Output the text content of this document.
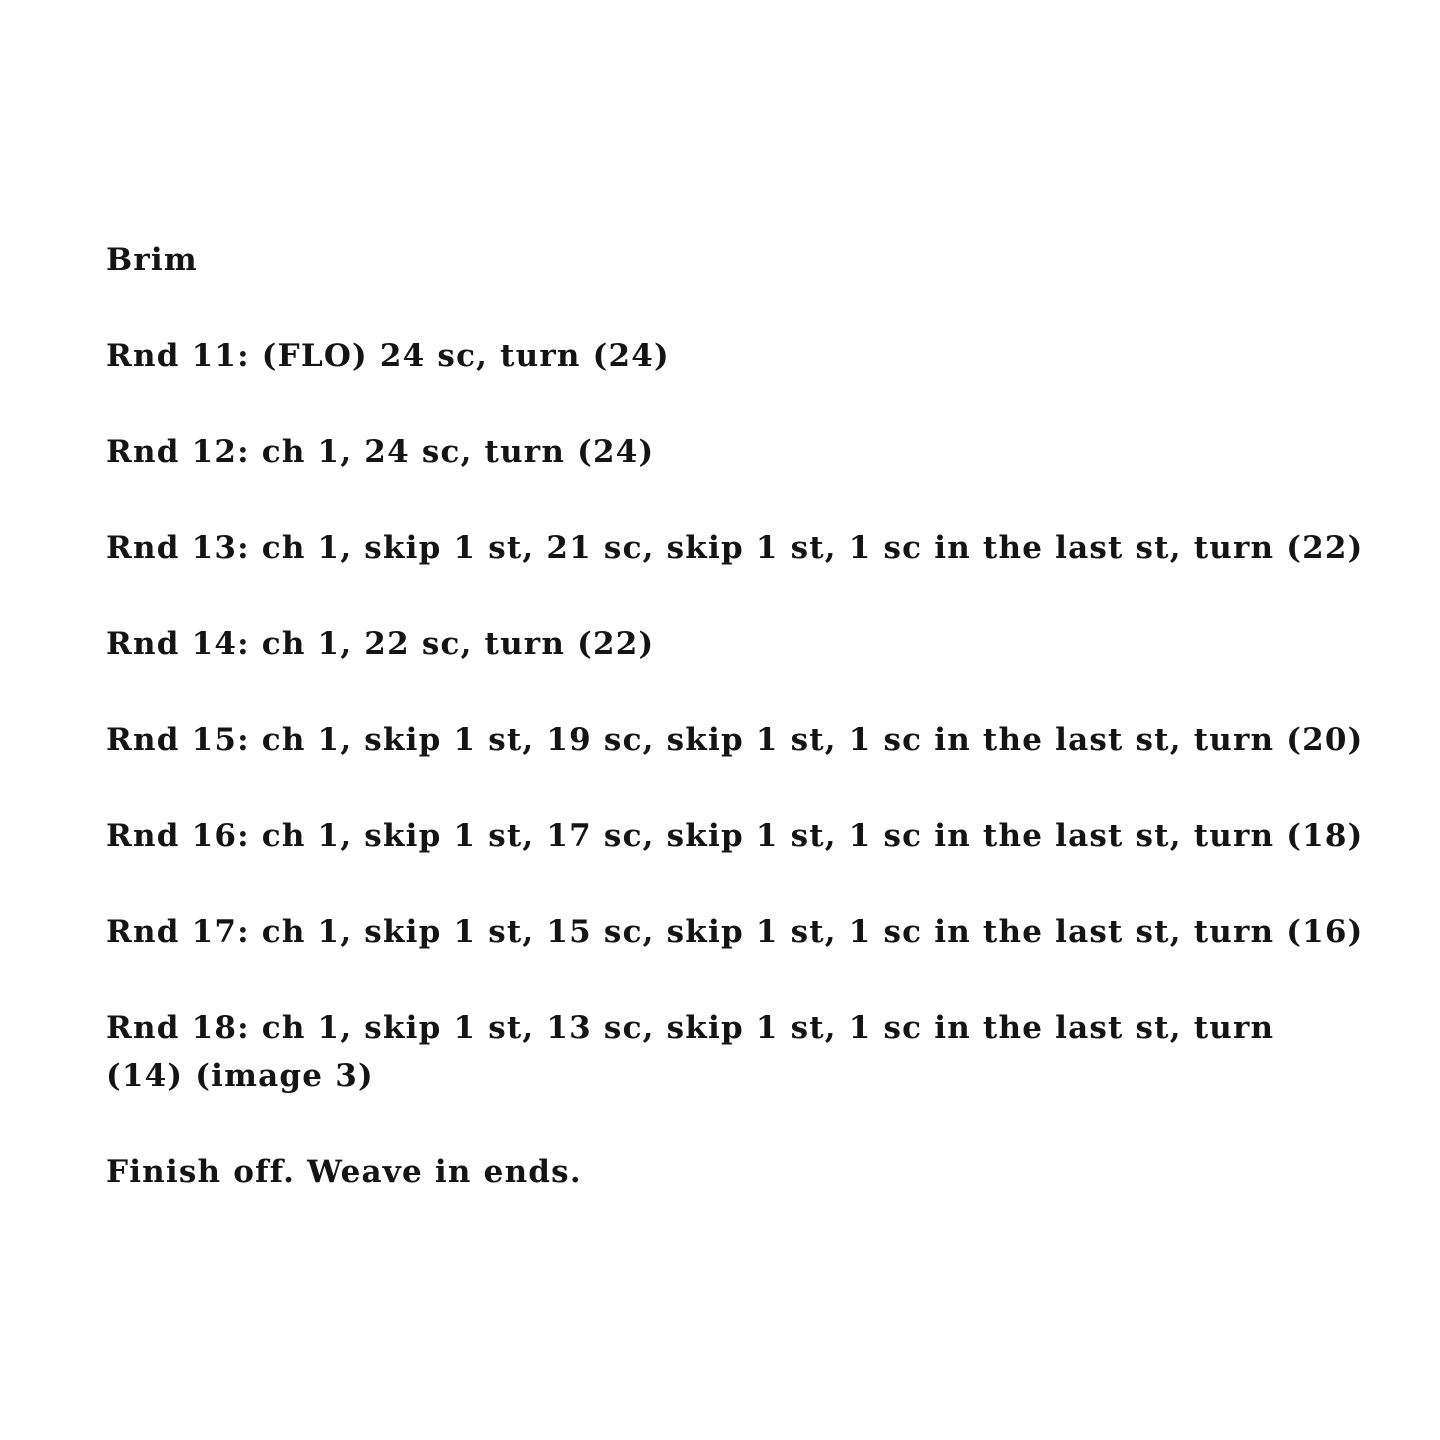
Brim
Rnd 11: (FLO) 24 sc, turn (24)
Rnd 12: ch 1, 24 sc, turn (24)
Rnd 13: ch 1, skip 1 st, 21 sc, skip 1 st, 1 sc in the last st, turn (22)
Rnd 14: ch 1, 22 sc, turn (22)
Rnd 15: ch 1, skip 1 st, 19 sc, skip 1 st, 1 sc in the last st, turn (20)
Rnd 16: ch 1, skip 1 st, 17 sc, skip 1 st, 1 sc in the last st, turn (18)
Rnd 17: ch 1, skip 1 st, 15 sc, skip 1 st, 1 sc in the last st, turn (16)
Rnd 18: ch 1, skip 1 st, 13 sc, skip 1 st, 1 sc in the last st, turn (14) (image 3)
Finish off. Weave in ends.
